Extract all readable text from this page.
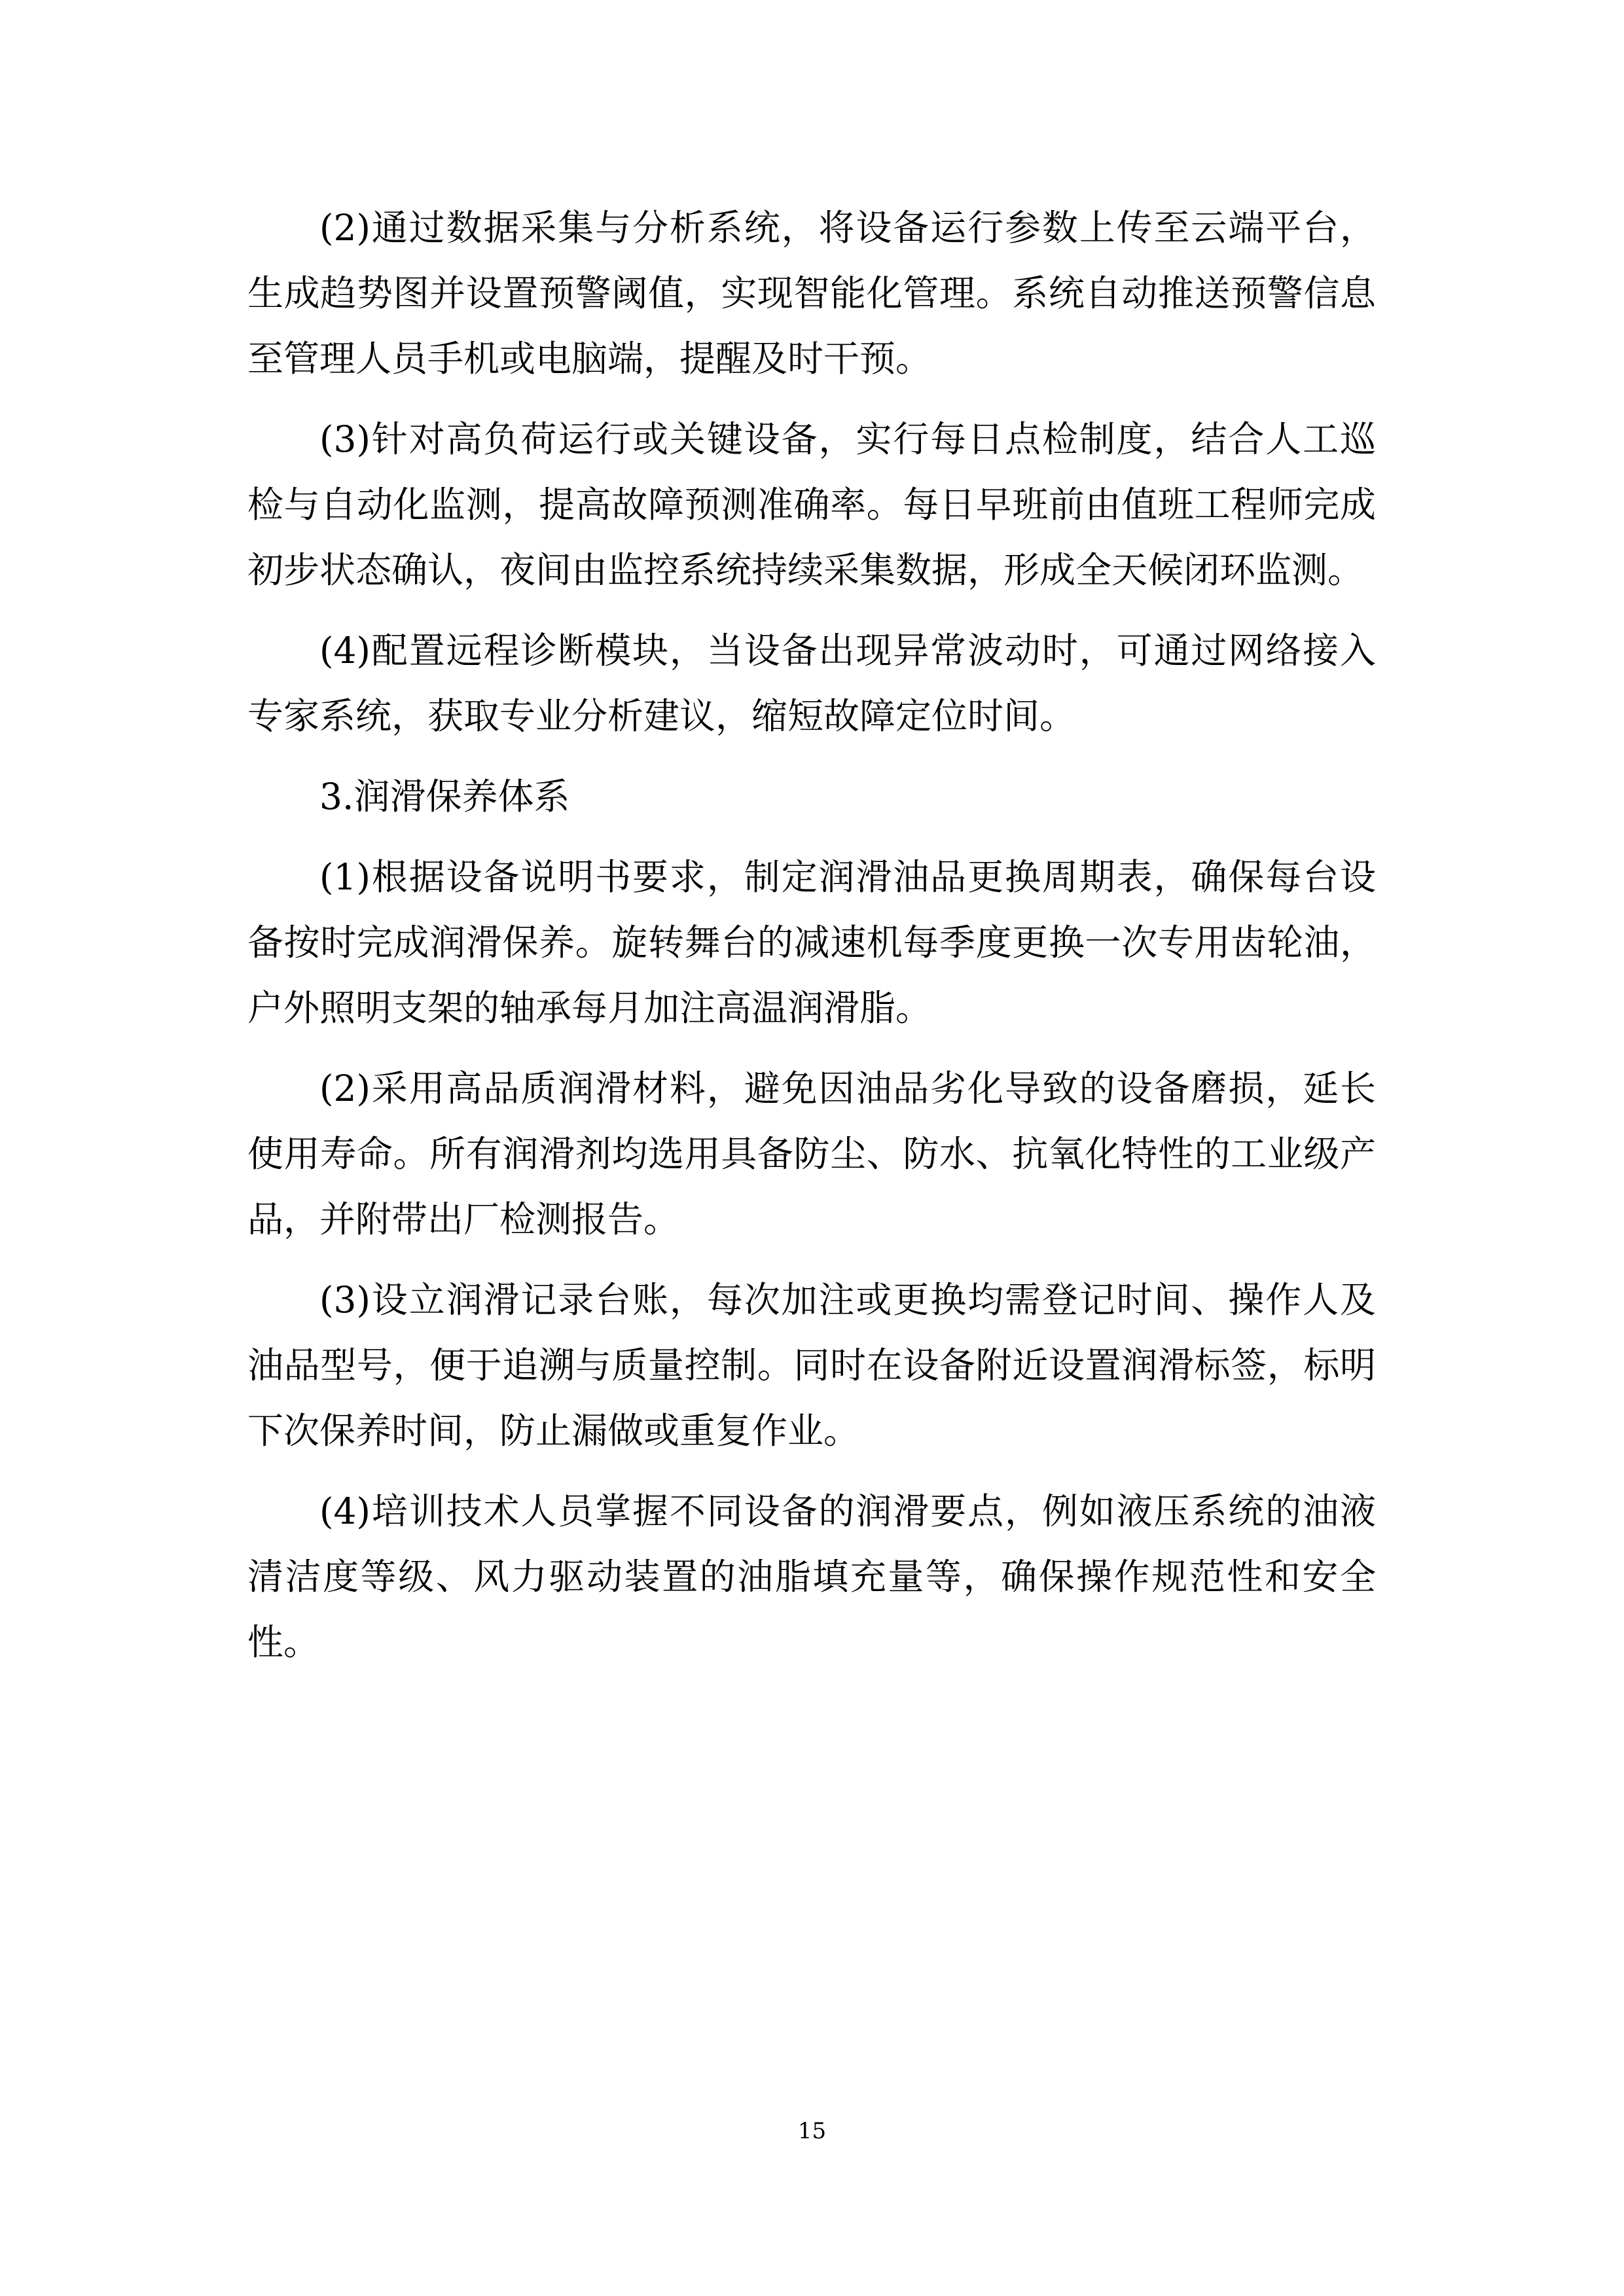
(2)通过数据采集与分析系统，将设备运行参数上传至云端平台，生成趋势图并设置预警阈值，实现智能化管理。系统自动推送预警信息至管理人员手机或电脑端，提醒及时干预。

(3)针对高负荷运行或关键设备，实行每日点检制度，结合人工巡检与自动化监测，提高故障预测准确率。每日早班前由值班工程师完成初步状态确认，夜间由监控系统持续采集数据，形成全天候闭环监测。

(4)配置远程诊断模块，当设备出现异常波动时，可通过网络接入专家系统，获取专业分析建议，缩短故障定位时间。

3.润滑保养体系

(1)根据设备说明书要求，制定润滑油品更换周期表，确保每台设备按时完成润滑保养。旋转舞台的减速机每季度更换一次专用齿轮油，户外照明支架的轴承每月加注高温润滑脂。

(2)采用高品质润滑材料，避免因油品劣化导致的设备磨损，延长使用寿命。所有润滑剂均选用具备防尘、防水、抗氧化特性的工业级产品，并附带出厂检测报告。

(3)设立润滑记录台账，每次加注或更换均需登记时间、操作人及油品型号，便于追溯与质量控制。同时在设备附近设置润滑标签，标明下次保养时间，防止漏做或重复作业。

(4)培训技术人员掌握不同设备的润滑要点，例如液压系统的油液清洁度等级、风力驱动装置的油脂填充量等，确保操作规范性和安全性。

15
